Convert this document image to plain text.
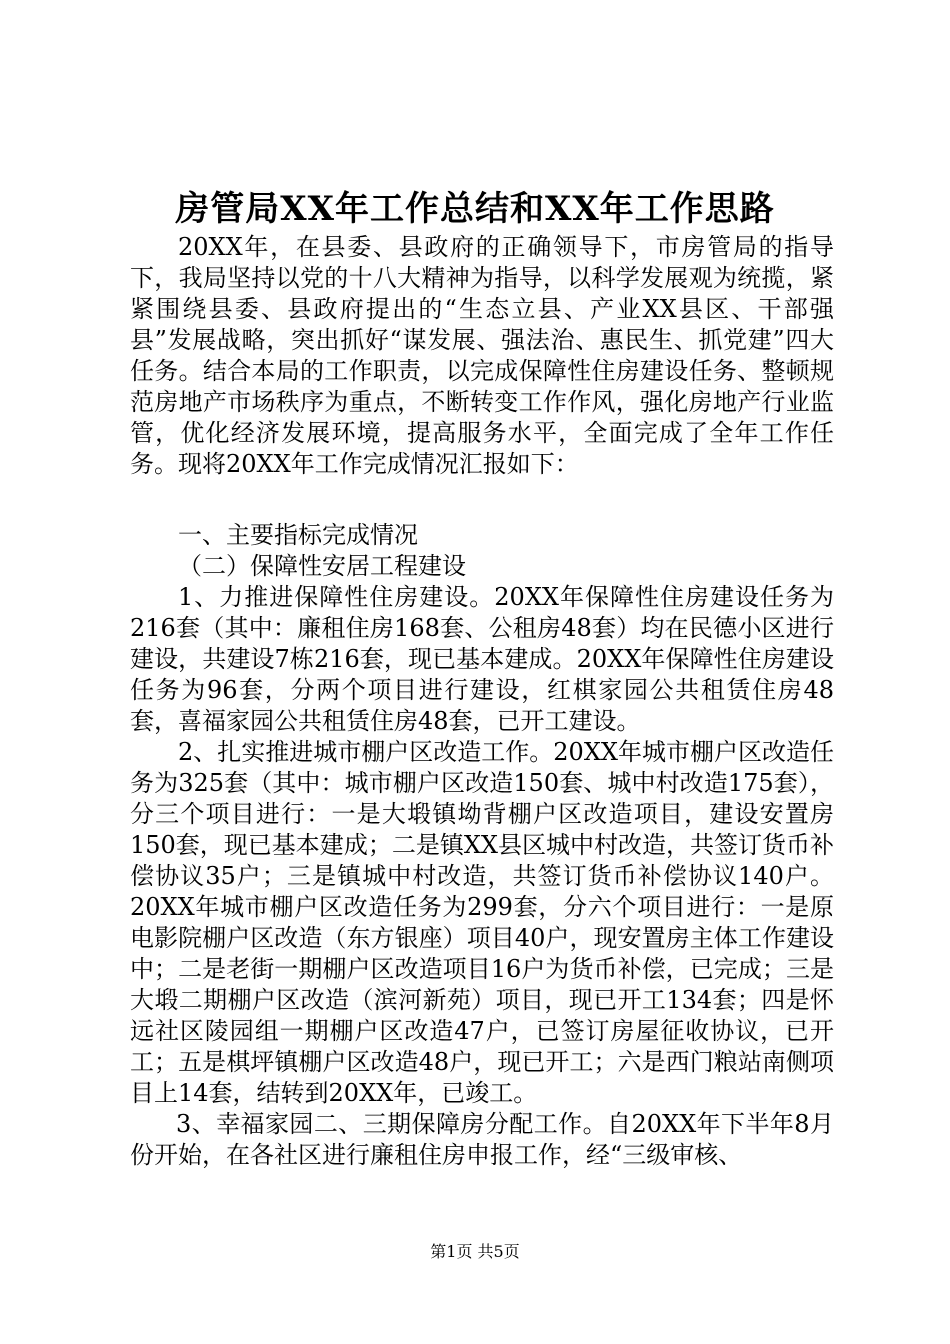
房管局XX年工作总结和XX年工作思路

20XX年，在县委、县政府的正确领导下，市房管局的指导下，我局坚持以党的十八大精神为指导，以科学发展观为统揽，紧紧围绕县委、县政府提出的“生态立县、产业XX县区、干部强县”发展战略，突出抓好“谋发展、强法治、惠民生、抓党建”四大任务。结合本局的工作职责，以完成保障性住房建设任务、整顿规范房地产市场秩序为重点，不断转变工作作风，强化房地产行业监管，优化经济发展环境，提高服务水平，全面完成了全年工作任务。现将20XX年工作完成情况汇报如下：

一、主要指标完成情况

（二）保障性安居工程建设

1、力推进保障性住房建设。20XX年保障性住房建设任务为216套（其中：廉租住房168套、公租房48套）均在民德小区进行建设，共建设7栋216套，现已基本建成。20XX年保障性住房建设任务为96套，分两个项目进行建设，红棋家园公共租赁住房48套，喜福家园公共租赁住房48套，已开工建设。

2、扎实推进城市棚户区改造工作。20XX年城市棚户区改造任务为325套（其中：城市棚户区改造150套、城中村改造175套），分三个项目进行：一是大塅镇坳背棚户区改造项目，建设安置房150套，现已基本建成；二是镇XX县区城中村改造，共签订货币补偿协议35户；三是镇城中村改造，共签订货币补偿协议140户。20XX年城市棚户区改造任务为299套，分六个项目进行：一是原电影院棚户区改造（东方银座）项目40户，现安置房主体工作建设中；二是老街一期棚户区改造项目16户为货币补偿，已完成；三是大塅二期棚户区改造（滨河新苑）项目，现已开工134套；四是怀远社区陵园组一期棚户区改造47户，已签订房屋征收协议，已开工；五是棋坪镇棚户区改造48户，现已开工；六是西门粮站南侧项目上14套，结转到20XX年，已竣工。

3、幸福家园二、三期保障房分配工作。自20XX年下半年8月份开始，在各社区进行廉租住房申报工作，经“三级审核、

第1页 共5页
